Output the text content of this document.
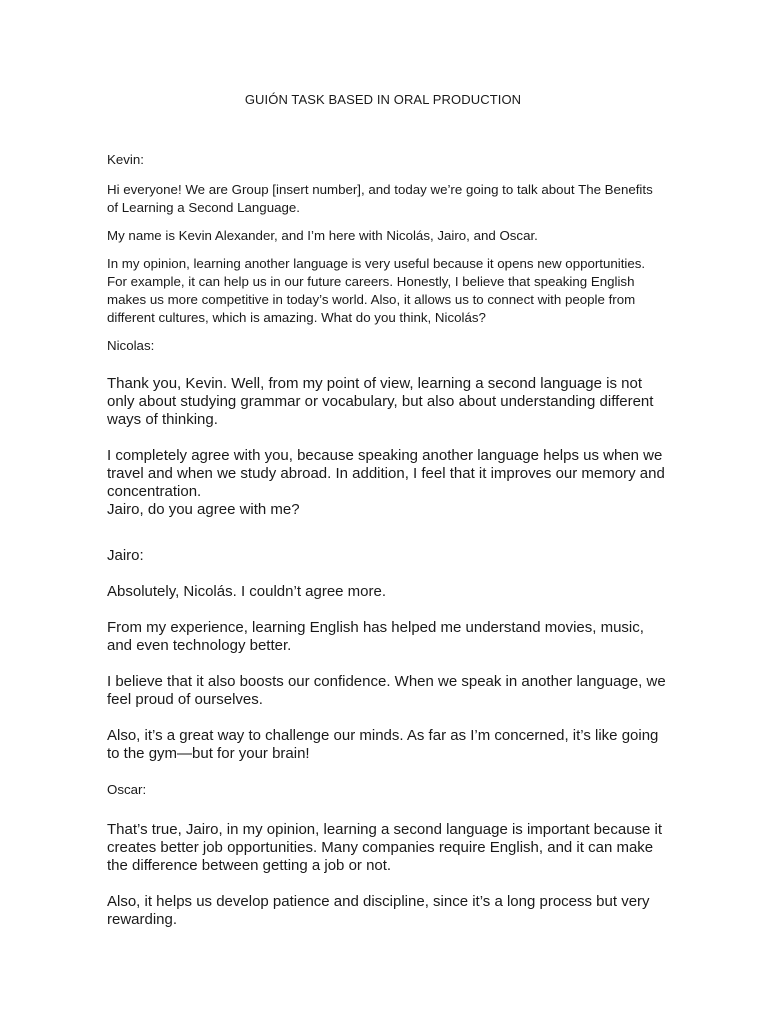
GUIÓN TASK BASED IN ORAL PRODUCTION

Kevin:

Hi everyone! We are Group [insert number], and today we’re going to talk about The Benefits of Learning a Second Language.

My name is Kevin Alexander, and I’m here with Nicolás, Jairo, and Oscar.

In my opinion, learning another language is very useful because it opens new opportunities. For example, it can help us in our future careers. Honestly, I believe that speaking English makes us more competitive in today’s world. Also, it allows us to connect with people from different cultures, which is amazing. What do you think, Nicolás?

Nicolas:

Thank you, Kevin. Well, from my point of view, learning a second language is not only about studying grammar or vocabulary, but also about understanding different ways of thinking.

I completely agree with you, because speaking another language helps us when we travel and when we study abroad. In addition, I feel that it improves our memory and concentration.

Jairo, do you agree with me?

Jairo:

Absolutely, Nicolás. I couldn’t agree more.

From my experience, learning English has helped me understand movies, music, and even technology better.

I believe that it also boosts our confidence. When we speak in another language, we feel proud of ourselves.

Also, it’s a great way to challenge our minds. As far as I’m concerned, it’s like going to the gym—but for your brain!

Oscar:

That’s true, Jairo, in my opinion, learning a second language is important because it creates better job opportunities. Many companies require English, and it can make the difference between getting a job or not.

Also, it helps us develop patience and discipline, since it’s a long process but very rewarding.
